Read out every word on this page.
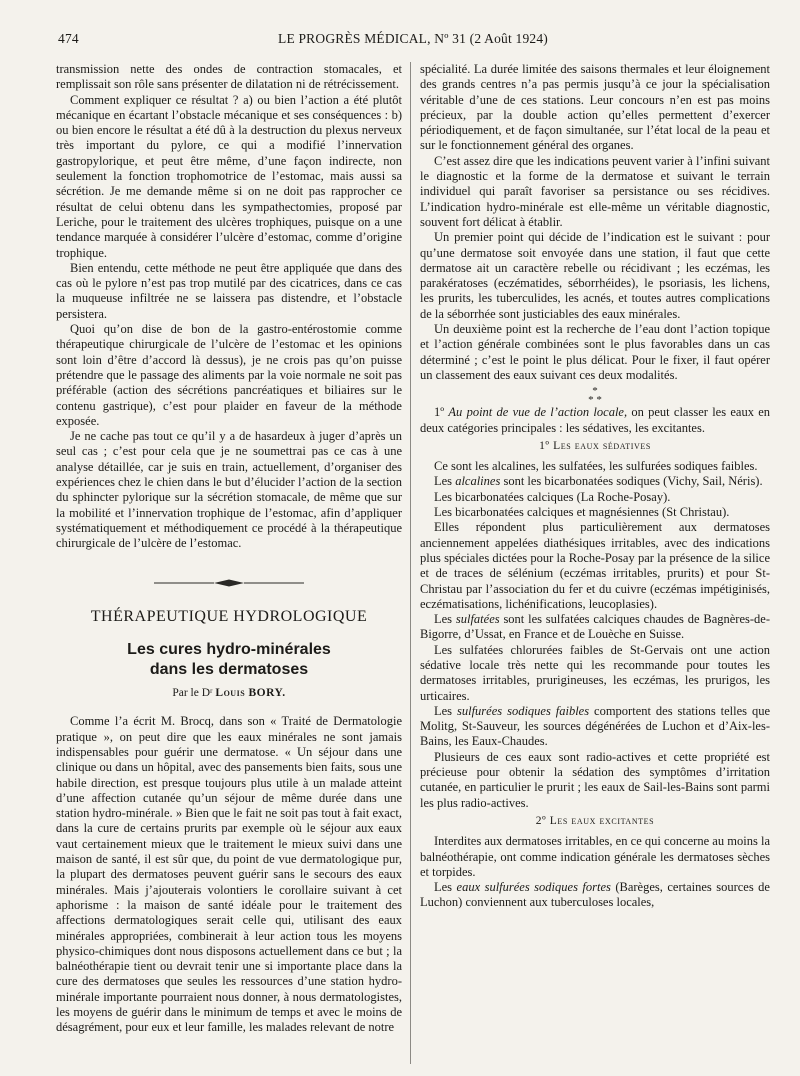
474	LE PROGRÈS MÉDICAL, Nº 31 (2 Août 1924)

transmission nette des ondes de contraction stomacales, et remplissait son rôle sans présenter de dilatation ni de rétrécissement.

Comment expliquer ce résultat ? a) ou bien l’action a été plutôt mécanique en écartant l’obstacle mécanique et ses conséquences : b) ou bien encore le résultat a été dû à la destruction du plexus nerveux très important du pylore, ce qui a modifié l’innervation gastropylorique, et peut être même, d’une façon indirecte, non seulement la fonction trophomotrice de l’estomac, mais aussi sa sécrétion. Je me demande même si on ne doit pas rapprocher ce résultat de celui obtenu dans les sympathectomies, proposé par Leriche, pour le traitement des ulcères trophiques, puisque on a une tendance marquée à considérer l’ulcère d’estomac, comme d’origine trophique.

Bien entendu, cette méthode ne peut être appliquée que dans des cas où le pylore n’est pas trop mutilé par des cicatrices, dans ce cas la muqueuse infiltrée ne se laissera pas distendre, et l’obstacle persistera.

Quoi qu’on dise de bon de la gastro-entérostomie comme thérapeutique chirurgicale de l’ulcère de l’estomac et les opinions sont loin d’être d’accord là dessus), je ne crois pas qu’on puisse prétendre que le passage des aliments par la voie normale ne soit pas préférable (action des sécrétions pancréatiques et biliaires sur le contenu gastrique), c’est pour plaider en faveur de la méthode exposée.

Je ne cache pas tout ce qu’il y a de hasardeux à juger d’après un seul cas ; c’est pour cela que je ne soumettrai pas ce cas à une analyse détaillée, car je suis en train, actuellement, d’organiser des expériences chez le chien dans le but d’élucider l’action de la section du sphincter pylorique sur la sécrétion stomacale, de même que sur la mobilité et l’innervation trophique de l’estomac, afin d’appliquer systématiquement et méthodiquement ce procédé à la thérapeutique chirurgicale de l’ulcère de l’estomac.

THÉRAPEUTIQUE HYDROLOGIQUE
Les cures hydro-minérales
dans les dermatoses
Par le Dʳ Louis BORY.

Comme l’a écrit M. Brocq, dans son « Traité de Dermatologie pratique », on peut dire que les eaux minérales ne sont jamais indispensables pour guérir une dermatose. « Un séjour dans une clinique ou dans un hôpital, avec des pansements bien faits, sous une habile direction, est presque toujours plus utile à un malade atteint d’une affection cutanée qu’un séjour de même durée dans une station hydro-minérale. » Bien que le fait ne soit pas tout à fait exact, dans la cure de certains prurits par exemple où le séjour aux eaux vaut certainement mieux que le traitement le mieux suivi dans une maison de santé, il est sûr que, du point de vue dermatologique pur, la plupart des dermatoses peuvent guérir sans le secours des eaux minérales. Mais j’ajouterais volontiers le corollaire suivant à cet aphorisme : la maison de santé idéale pour le traitement des affections dermatologiques serait celle qui, utilisant des eaux minérales appropriées, combinerait à leur action tous les moyens physico-chimiques dont nous disposons actuellement dans ce but ; la balnéothérapie tient ou devrait tenir une si importante place dans la cure des dermatoses que seules les ressources d’une station hydro-minérale importante pourraient nous donner, à nous dermatologistes, les moyens de guérir dans le minimum de temps et avec le moins de désagrément, pour eux et leur famille, les malades relevant de notre

spécialité. La durée limitée des saisons thermales et leur éloignement des grands centres n’a pas permis jusqu’à ce jour la spécialisation véritable d’une de ces stations. Leur concours n’en est pas moins précieux, par la double action qu’elles permettent d’exercer périodiquement, et de façon simultanée, sur l’état local de la peau et sur le fonctionnement général des organes.

C’est assez dire que les indications peuvent varier à l’infini suivant le diagnostic et la forme de la dermatose et suivant le terrain individuel qui paraît favoriser sa persistance ou ses récidives. L’indication hydro-minérale est elle-même un véritable diagnostic, souvent fort délicat à établir.

Un premier point qui décide de l’indication est le suivant : pour qu’une dermatose soit envoyée dans une station, il faut que cette dermatose ait un caractère rebelle ou récidivant ; les eczémas, les parakératoses (eczématides, séborrhéides), le psoriasis, les lichens, les prurits, les tuberculides, les acnés, et toutes autres complications de la séborrhée sont justiciables des eaux minérales.

Un deuxième point est la recherche de l’eau dont l’action topique et l’action générale combinées sont le plus favorables dans un cas déterminé ; c’est le point le plus délicat. Pour le fixer, il faut opérer un classement des eaux suivant ces deux modalités.

*
* *

1º Au point de vue de l’action locale, on peut classer les eaux en deux catégories principales : les sédatives, les excitantes.

1º Les eaux sédatives

Ce sont les alcalines, les sulfatées, les sulfurées sodiques faibles.

Les alcalines sont les bicarbonatées sodiques (Vichy, Sail, Néris).

Les bicarbonatées calciques (La Roche-Posay).

Les bicarbonatées calciques et magnésiennes (St Christau).

Elles répondent plus particulièrement aux dermatoses anciennement appelées diathésiques irritables, avec des indications plus spéciales dictées pour la Roche-Posay par la présence de la silice et de traces de sélénium (eczémas irritables, prurits) et pour St-Christau par l’association du fer et du cuivre (eczémas impétiginisés, eczématisations, lichénifications, leucoplasies).

Les sulfatées sont les sulfatées calciques chaudes de Bagnères-de-Bigorre, d’Ussat, en France et de Louèche en Suisse.

Les sulfatées chlorurées faibles de St-Gervais ont une action sédative locale très nette qui les recommande pour toutes les dermatoses irritables, prurigineuses, les eczémas, les prurigos, les urticaires.

Les sulfurées sodiques faibles comportent des stations telles que Molitg, St-Sauveur, les sources dégénérées de Luchon et d’Aix-les-Bains, les Eaux-Chaudes.

Plusieurs de ces eaux sont radio-actives et cette propriété est précieuse pour obtenir la sédation des symptômes d’irritation cutanée, en particulier le prurit ; les eaux de Sail-les-Bains sont parmi les plus radio-actives.

2º Les eaux excitantes

Interdites aux dermatoses irritables, en ce qui concerne au moins la balnéothérapie, ont comme indication générale les dermatoses sèches et torpides.

Les eaux sulfurées sodiques fortes (Barèges, certaines sources de Luchon) conviennent aux tuberculoses locales,
